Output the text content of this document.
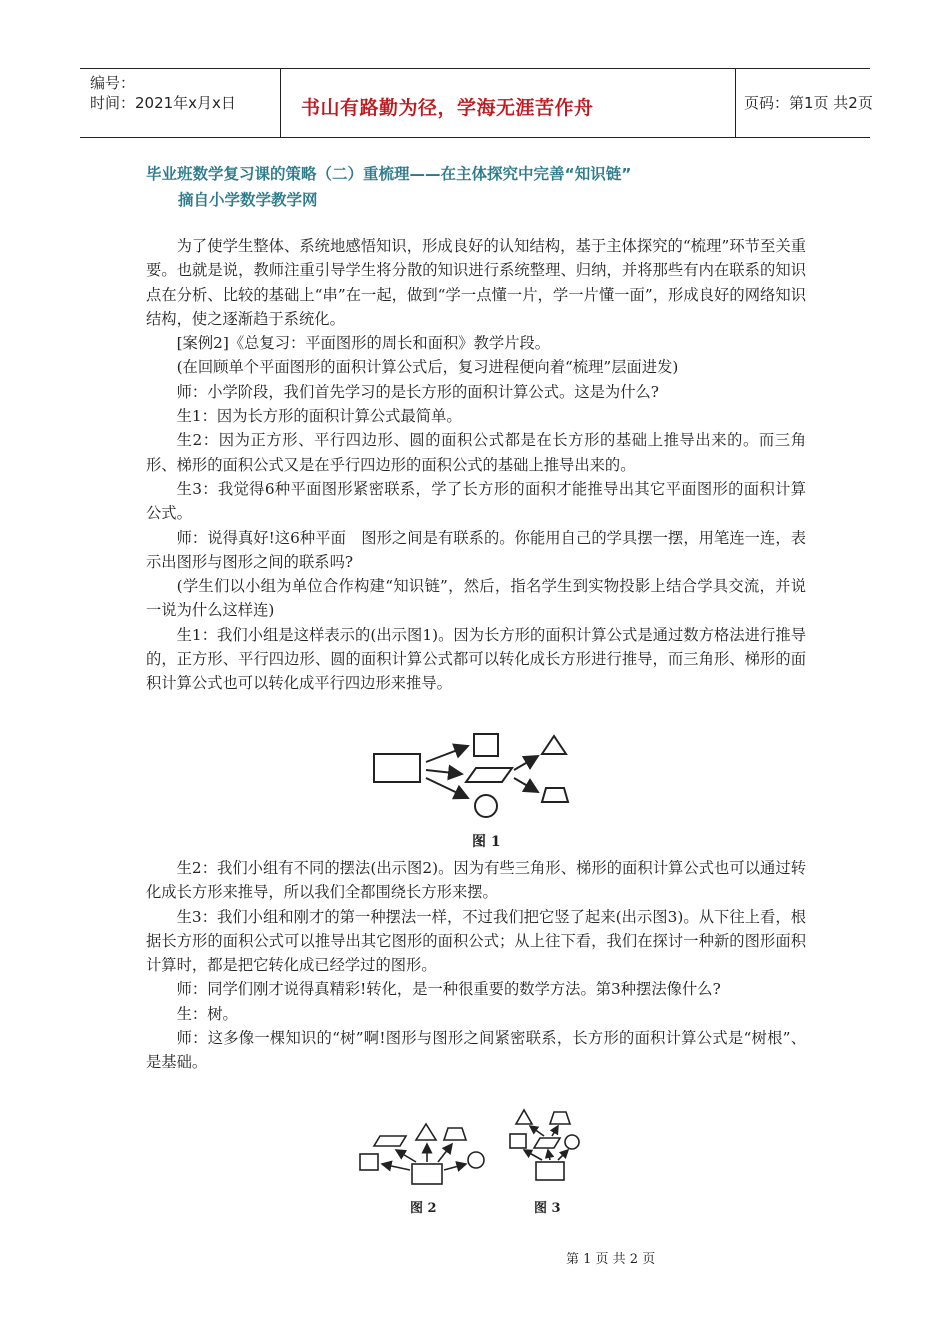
编号：
时间：2021年x月x日	书山有路勤为径，学海无涯苦作舟	页码：第1页 共2页
毕业班数学复习课的策略（二）重梳理——在主体探究中完善“知识链”
摘自小学数学教学网

为了使学生整体、系统地感悟知识，形成良好的认知结构，基于主体探究的“梳理”环节至关重要。也就是说，教师注重引导学生将分散的知识进行系统整理、归纳，并将那些有内在联系的知识点在分析、比较的基础上“串”在一起，做到“学一点懂一片，学一片懂一面”，形成良好的网络知识结构，使之逐渐趋于系统化。

[案例2]《总复习：平面图形的周长和面积》教学片段。

(在回顾单个平面图形的面积计算公式后，复习进程便向着“梳理”层面进发)

师：小学阶段，我们首先学习的是长方形的面积计算公式。这是为什么?

生1：因为长方形的面积计算公式最简单。

生2：因为正方形、平行四边形、圆的面积公式都是在长方形的基础上推导出来的。而三角形、梯形的面积公式又是在乎行四边形的面积公式的基础上推导出来的。

生3：我觉得6种平面图形紧密联系，学了长方形的面积才能推导出其它平面图形的面积计算公式。

师：说得真好!这6种平面　图形之间是有联系的。你能用自己的学具摆一摆，用笔连一连，表示出图形与图形之间的联系吗?

(学生们以小组为单位合作构建“知识链”，然后，指名学生到实物投影上结合学具交流，并说一说为什么这样连)

生1：我们小组是这样表示的(出示图1)。因为长方形的面积计算公式是通过数方格法进行推导的，正方形、平行四边形、圆的面积计算公式都可以转化成长方形进行推导，而三角形、梯形的面积计算公式也可以转化成平行四边形来推导。

图 1

生2：我们小组有不同的摆法(出示图2)。因为有些三角形、梯形的面积计算公式也可以通过转化成长方形来推导，所以我们全都围绕长方形来摆。

生3：我们小组和刚才的第一种摆法一样，不过我们把它竖了起来(出示图3)。从下往上看，根据长方形的面积公式可以推导出其它图形的面积公式；从上往下看，我们在探讨一种新的图形面积计算时，都是把它转化成已经学过的图形。

师：同学们刚才说得真精彩!转化，是一种很重要的数学方法。第3种摆法像什么?

生：树。

师：这多像一棵知识的“树”啊!图形与图形之间紧密联系，长方形的面积计算公式是“树根”、是基础。

图 2	图 3
第 1 页 共 2 页
